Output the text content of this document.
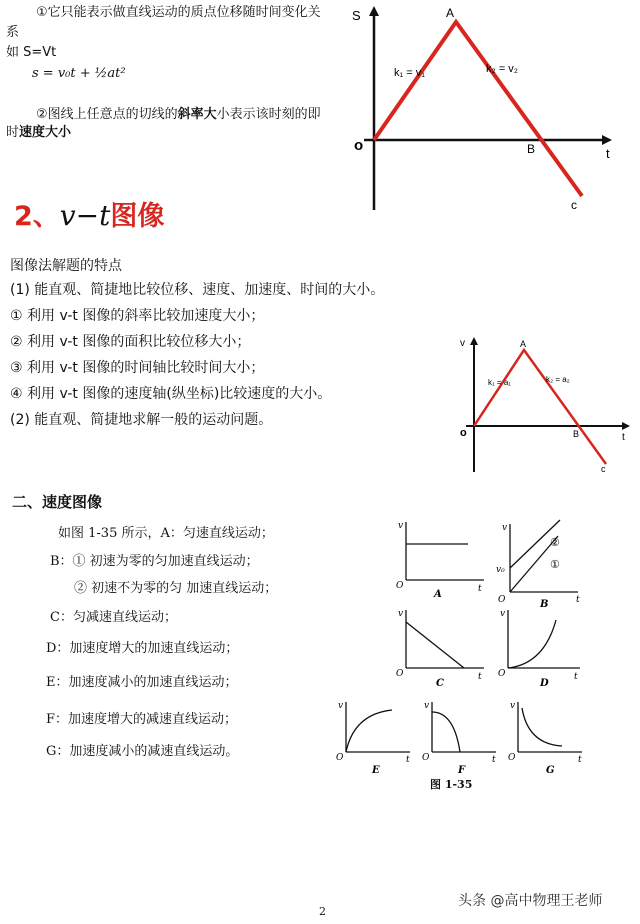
①它只能表示做直线运动的质点位移随时间变化关
系
如 S=Vt
s = v₀t + ½at²
②图线上任意点的切线的斜率大小表示该时刻的即
时速度大小
S
t
o
A
B
c
k₁ = v₁	k₂ = v₂
2、v−t图像
图像法解题的特点
(1) 能直观、简捷地比较位移、速度、加速度、时间的大小。
① 利用 v-t 图像的斜率比较加速度大小；
② 利用 v-t 图像的面积比较位移大小；
③ 利用 v-t 图像的时间轴比较时间大小；
④ 利用 v-t 图像的速度轴(纵坐标)比较速度的大小。
(2) 能直观、简捷地求解一般的运动问题。
v
t
o
A
B
c
k₁ = a₁	k₂ = a₂
二、速度图像
如图 1-35 所示，A：匀速直线运动；
B：① 初速为零的匀加速直线运动；
② 初速不为零的匀 加速直线运动；
C：匀减速直线运动；
D：加速度增大的加速直线运动；
E：加速度减小的加速直线运动；
F：加速度增大的减速直线运动；
G：加速度减小的减速直线运动。
v
t
O
A
v
v₀
t
O
②
①
B
v
t
O
C
v
t
O
D
v
t
O
E
v
t
O
F
v
t
O
G
图 1-35
2
头条 @高中物理王老师
